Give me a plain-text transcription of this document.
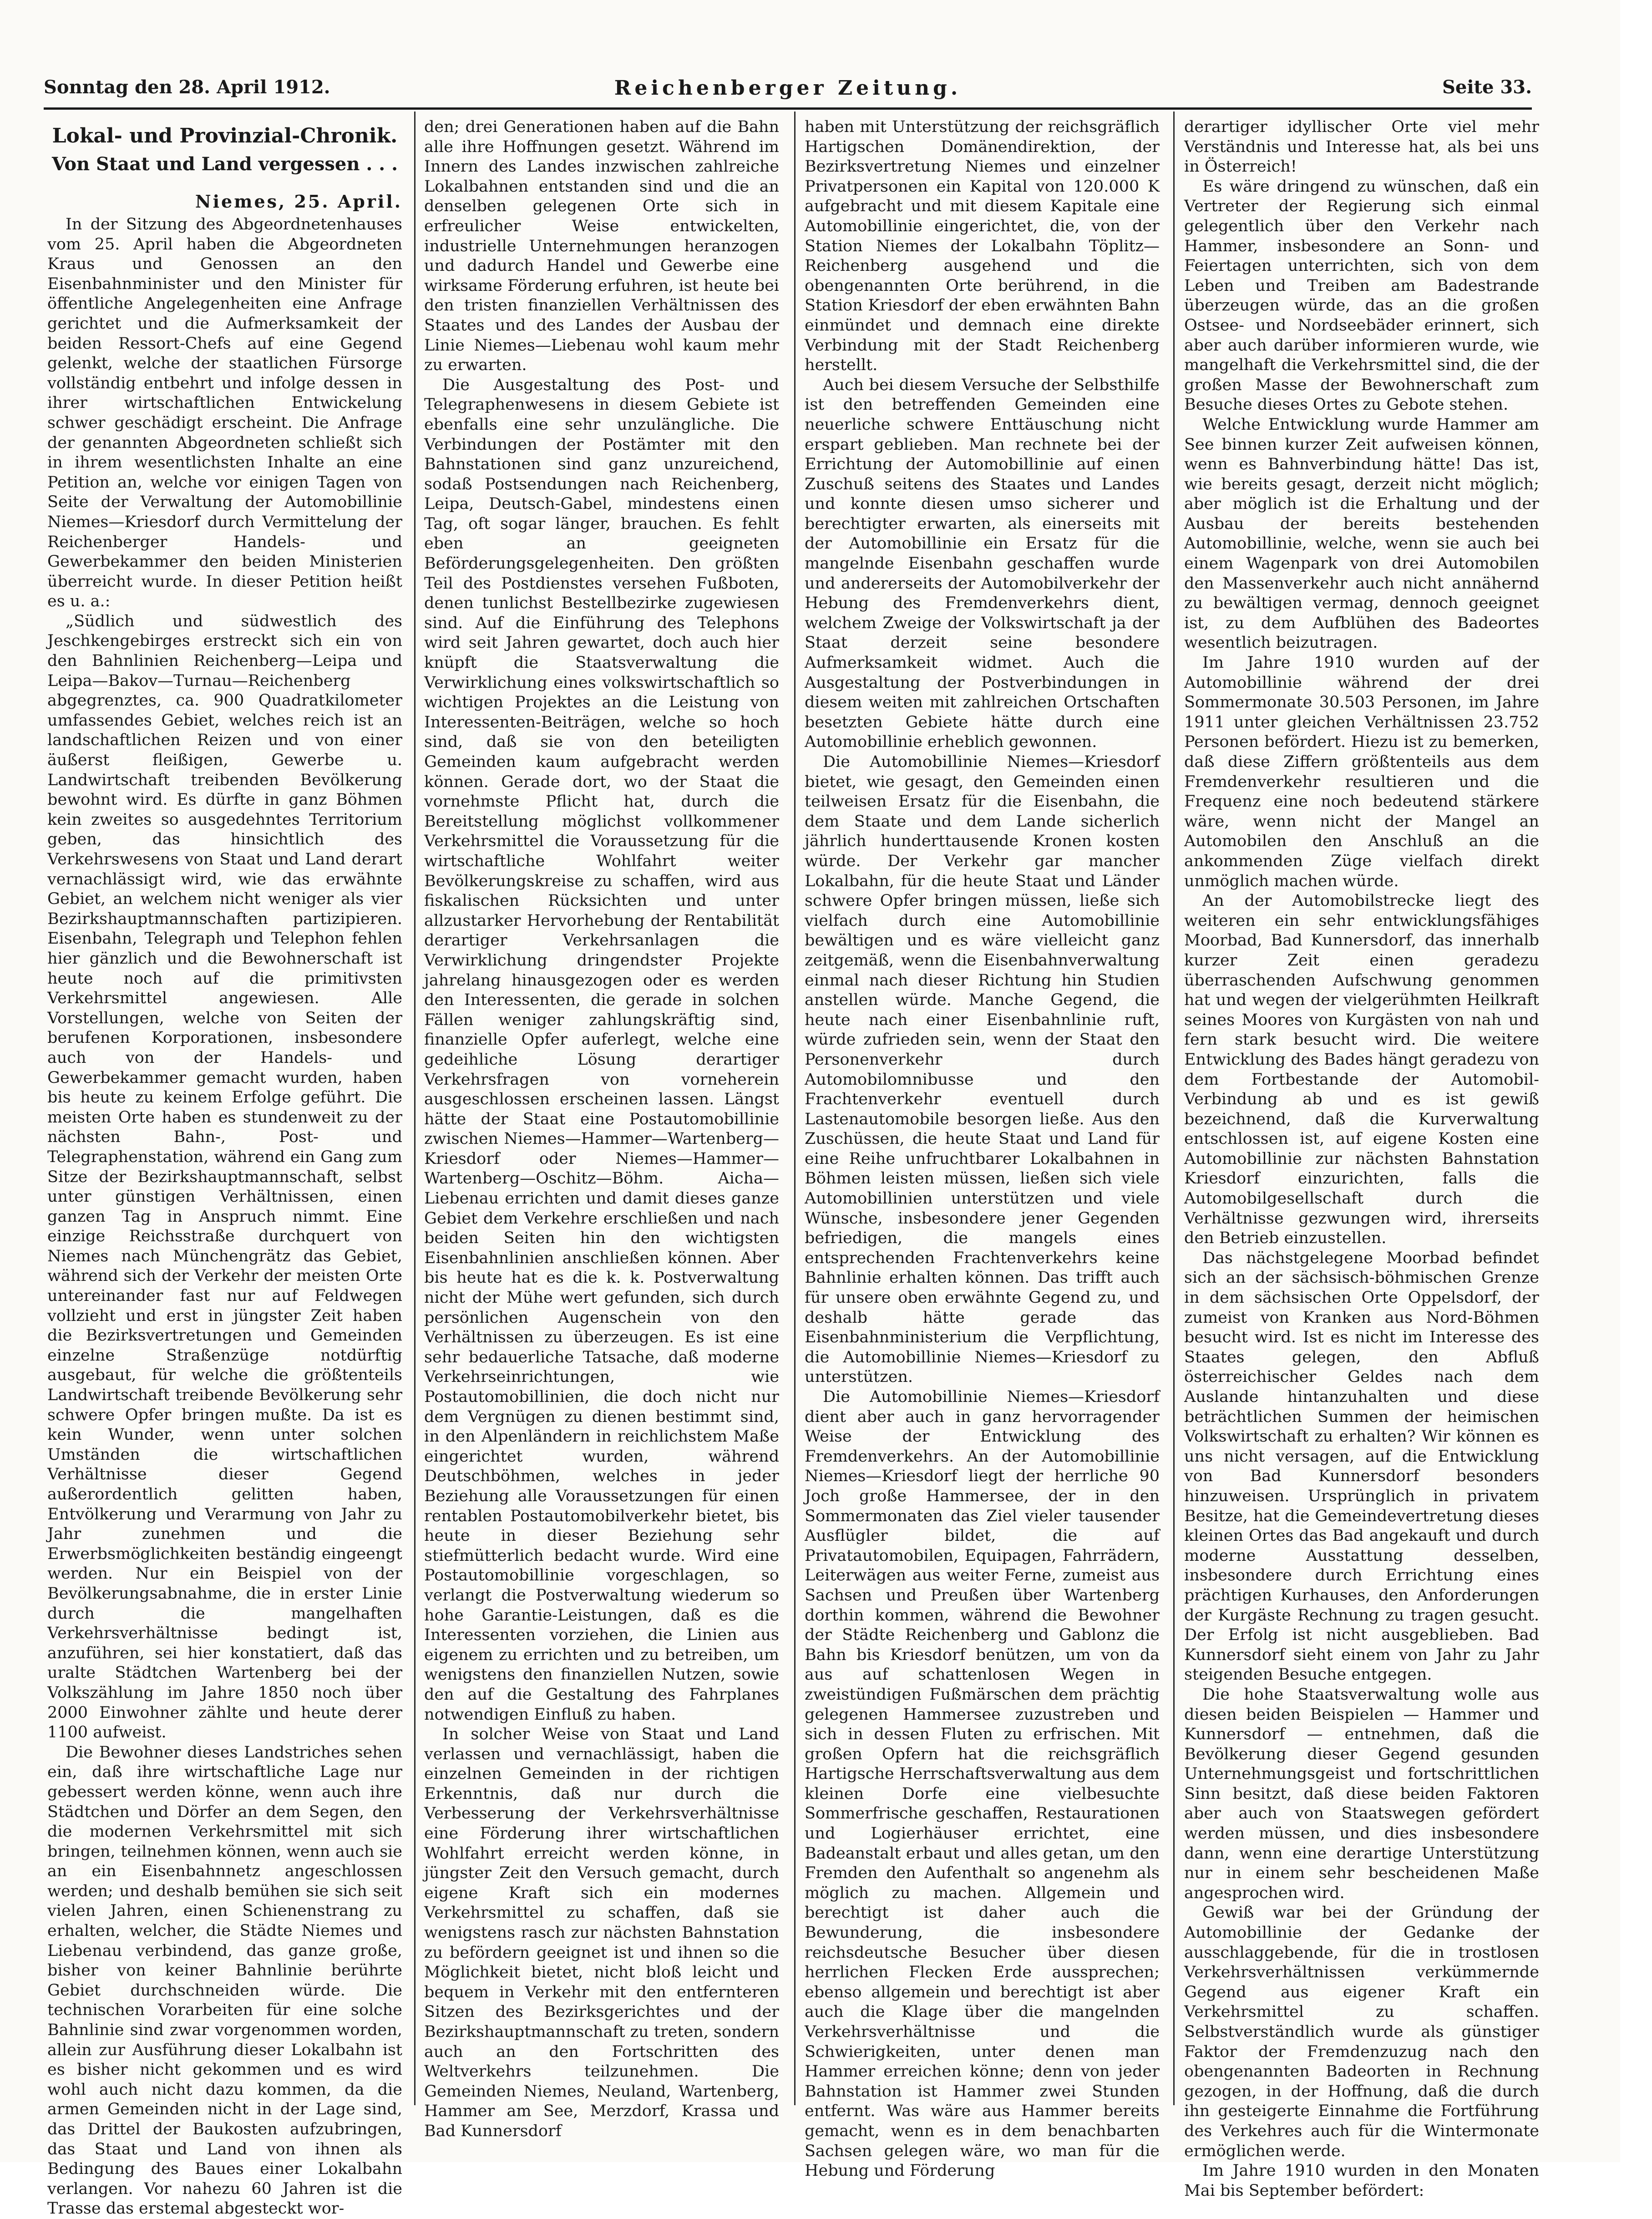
Sonntag den 28. April 1912.	Reichenberger Zeitung.	Seite 33.
Lokal- und Provinzial-Chronik.
Von Staat und Land vergessen . . .
Niemes, 25. April.

In der Sitzung des Abgeordnetenhauses vom 25. April haben die Abgeordneten Kraus und Genossen an den Eisenbahnminister und den Minister für öffentliche Angelegenheiten eine Anfrage gerichtet und die Aufmerksamkeit der beiden Ressort-Chefs auf eine Gegend gelenkt, welche der staatlichen Fürsorge vollständig entbehrt und infolge dessen in ihrer wirtschaftlichen Entwickelung schwer geschädigt erscheint. Die Anfrage der genannten Abgeordneten schließt sich in ihrem wesentlichsten Inhalte an eine Petition an, welche vor einigen Tagen von Seite der Verwaltung der Automobillinie Niemes—Kriesdorf durch Vermittelung der Reichenberger Handels- und Gewerbekammer den beiden Ministerien überreicht wurde. In dieser Petition heißt es u. a.:

„Südlich und südwestlich des Jeschkengebirges erstreckt sich ein von den Bahnlinien Reichenberg—Leipa und Leipa—Bakov—Turnau—Reichenberg abgegrenztes, ca. 900 Quadratkilometer umfassendes Gebiet, welches reich ist an landschaftlichen Reizen und von einer äußerst fleißigen, Gewerbe u. Landwirtschaft treibenden Bevölkerung bewohnt wird. Es dürfte in ganz Böhmen kein zweites so ausgedehntes Territorium geben, das hinsichtlich des Verkehrswesens von Staat und Land derart vernachlässigt wird, wie das erwähnte Gebiet, an welchem nicht weniger als vier Bezirkshauptmannschaften partizipieren. Eisenbahn, Telegraph und Telephon fehlen hier gänzlich und die Bewohnerschaft ist heute noch auf die primitivsten Verkehrsmittel angewiesen. Alle Vorstellungen, welche von Seiten der berufenen Korporationen, insbesondere auch von der Handels- und Gewerbekammer gemacht wurden, haben bis heute zu keinem Erfolge geführt. Die meisten Orte haben es stundenweit zu der nächsten Bahn-, Post- und Telegraphenstation, während ein Gang zum Sitze der Bezirkshauptmannschaft, selbst unter günstigen Verhältnissen, einen ganzen Tag in Anspruch nimmt. Eine einzige Reichsstraße durchquert von Niemes nach Münchengrätz das Gebiet, während sich der Verkehr der meisten Orte untereinander fast nur auf Feldwegen vollzieht und erst in jüngster Zeit haben die Bezirksvertretungen und Gemeinden einzelne Straßenzüge notdürftig ausgebaut, für welche die größtenteils Landwirtschaft treibende Bevölkerung sehr schwere Opfer bringen mußte. Da ist es kein Wunder, wenn unter solchen Umständen die wirtschaftlichen Verhältnisse dieser Gegend außerordentlich gelitten haben, Entvölkerung und Verarmung von Jahr zu Jahr zunehmen und die Erwerbsmöglichkeiten beständig eingeengt werden. Nur ein Beispiel von der Bevölkerungsabnahme, die in erster Linie durch die mangelhaften Verkehrsverhältnisse bedingt ist, anzuführen, sei hier konstatiert, daß das uralte Städtchen Wartenberg bei der Volkszählung im Jahre 1850 noch über 2000 Einwohner zählte und heute derer 1100 aufweist.

Die Bewohner dieses Landstriches sehen ein, daß ihre wirtschaftliche Lage nur gebessert werden könne, wenn auch ihre Städtchen und Dörfer an dem Segen, den die modernen Verkehrsmittel mit sich bringen, teilnehmen können, wenn auch sie an ein Eisenbahnnetz angeschlossen werden; und deshalb bemühen sie sich seit vielen Jahren, einen Schienenstrang zu erhalten, welcher, die Städte Niemes und Liebenau verbindend, das ganze große, bisher von keiner Bahnlinie berührte Gebiet durchschneiden würde. Die technischen Vorarbeiten für eine solche Bahnlinie sind zwar vorgenommen worden, allein zur Ausführung dieser Lokalbahn ist es bisher nicht gekommen und es wird wohl auch nicht dazu kommen, da die armen Gemeinden nicht in der Lage sind, das Drittel der Baukosten aufzubringen, das Staat und Land von ihnen als Bedingung des Baues einer Lokalbahn verlangen. Vor nahezu 60 Jahren ist die Trasse das erstemal abgesteckt wor-

den; drei Generationen haben auf die Bahn alle ihre Hoffnungen gesetzt. Während im Innern des Landes inzwischen zahlreiche Lokalbahnen entstanden sind und die an denselben gelegenen Orte sich in erfreulicher Weise entwickelten, industrielle Unternehmungen heranzogen und dadurch Handel und Gewerbe eine wirksame Förderung erfuhren, ist heute bei den tristen finanziellen Verhältnissen des Staates und des Landes der Ausbau der Linie Niemes—Liebenau wohl kaum mehr zu erwarten.

Die Ausgestaltung des Post- und Telegraphenwesens in diesem Gebiete ist ebenfalls eine sehr unzulängliche. Die Verbindungen der Postämter mit den Bahnstationen sind ganz unzureichend, sodaß Postsendungen nach Reichenberg, Leipa, Deutsch-Gabel, mindestens einen Tag, oft sogar länger, brauchen. Es fehlt eben an geeigneten Beförderungsgelegenheiten. Den größten Teil des Postdienstes versehen Fußboten, denen tunlichst Bestellbezirke zugewiesen sind. Auf die Einführung des Telephons wird seit Jahren gewartet, doch auch hier knüpft die Staatsverwaltung die Verwirklichung eines volkswirtschaftlich so wichtigen Projektes an die Leistung von Interessenten-Beiträgen, welche so hoch sind, daß sie von den beteiligten Gemeinden kaum aufgebracht werden können. Gerade dort, wo der Staat die vornehmste Pflicht hat, durch die Bereitstellung möglichst vollkommener Verkehrsmittel die Voraussetzung für die wirtschaftliche Wohlfahrt weiter Bevölkerungskreise zu schaffen, wird aus fiskalischen Rücksichten und unter allzustarker Hervorhebung der Rentabilität derartiger Verkehrsanlagen die Verwirklichung dringendster Projekte jahrelang hinausgezogen oder es werden den Interessenten, die gerade in solchen Fällen weniger zahlungskräftig sind, finanzielle Opfer auferlegt, welche eine gedeihliche Lösung derartiger Verkehrsfragen von vorneherein ausgeschlossen erscheinen lassen. Längst hätte der Staat eine Postautomobillinie zwischen Niemes—Hammer—Wartenberg—Kriesdorf oder Niemes—Hammer—Wartenberg—Oschitz—Böhm. Aicha—Liebenau errichten und damit dieses ganze Gebiet dem Verkehre erschließen und nach beiden Seiten hin den wichtigsten Eisenbahnlinien anschließen können. Aber bis heute hat es die k. k. Postverwaltung nicht der Mühe wert gefunden, sich durch persönlichen Augenschein von den Verhältnissen zu überzeugen. Es ist eine sehr bedauerliche Tatsache, daß moderne Verkehrseinrichtungen, wie Postautomobillinien, die doch nicht nur dem Vergnügen zu dienen bestimmt sind, in den Alpenländern in reichlichstem Maße eingerichtet wurden, während Deutschböhmen, welches in jeder Beziehung alle Voraussetzungen für einen rentablen Postautomobilverkehr bietet, bis heute in dieser Beziehung sehr stiefmütterlich bedacht wurde. Wird eine Postautomobillinie vorgeschlagen, so verlangt die Postverwaltung wiederum so hohe Garantie-Leistungen, daß es die Interessenten vorziehen, die Linien aus eigenem zu errichten und zu betreiben, um wenigstens den finanziellen Nutzen, sowie den auf die Gestaltung des Fahrplanes notwendigen Einfluß zu haben.

In solcher Weise von Staat und Land verlassen und vernachlässigt, haben die einzelnen Gemeinden in der richtigen Erkenntnis, daß nur durch die Verbesserung der Verkehrsverhältnisse eine Förderung ihrer wirtschaftlichen Wohlfahrt erreicht werden könne, in jüngster Zeit den Versuch gemacht, durch eigene Kraft sich ein modernes Verkehrsmittel zu schaffen, daß sie wenigstens rasch zur nächsten Bahnstation zu befördern geeignet ist und ihnen so die Möglichkeit bietet, nicht bloß leicht und bequem in Verkehr mit den entfernteren Sitzen des Bezirksgerichtes und der Bezirkshauptmannschaft zu treten, sondern auch an den Fortschritten des Weltverkehrs teilzunehmen. Die Gemeinden Niemes, Neuland, Wartenberg, Hammer am See, Merzdorf, Krassa und Bad Kunnersdorf

haben mit Unterstützung der reichsgräflich Hartigschen Domänendirektion, der Bezirksvertretung Niemes und einzelner Privatpersonen ein Kapital von 120.000 K aufgebracht und mit diesem Kapitale eine Automobillinie eingerichtet, die, von der Station Niemes der Lokalbahn Töplitz—Reichenberg ausgehend und die obengenannten Orte berührend, in die Station Kriesdorf der eben erwähnten Bahn einmündet und demnach eine direkte Verbindung mit der Stadt Reichenberg herstellt.

Auch bei diesem Versuche der Selbsthilfe ist den betreffenden Gemeinden eine neuerliche schwere Enttäuschung nicht erspart geblieben. Man rechnete bei der Errichtung der Automobillinie auf einen Zuschuß seitens des Staates und Landes und konnte diesen umso sicherer und berechtigter erwarten, als einerseits mit der Automobillinie ein Ersatz für die mangelnde Eisenbahn geschaffen wurde und andererseits der Automobilverkehr der Hebung des Fremdenverkehrs dient, welchem Zweige der Volkswirtschaft ja der Staat derzeit seine besondere Aufmerksamkeit widmet. Auch die Ausgestaltung der Postverbindungen in diesem weiten mit zahlreichen Ortschaften besetzten Gebiete hätte durch eine Automobillinie erheblich gewonnen.

Die Automobillinie Niemes—Kriesdorf bietet, wie gesagt, den Gemeinden einen teilweisen Ersatz für die Eisenbahn, die dem Staate und dem Lande sicherlich jährlich hunderttausende Kronen kosten würde. Der Verkehr gar mancher Lokalbahn, für die heute Staat und Länder schwere Opfer bringen müssen, ließe sich vielfach durch eine Automobillinie bewältigen und es wäre vielleicht ganz zeitgemäß, wenn die Eisenbahnverwaltung einmal nach dieser Richtung hin Studien anstellen würde. Manche Gegend, die heute nach einer Eisenbahnlinie ruft, würde zufrieden sein, wenn der Staat den Personenverkehr durch Automobilomnibusse und den Frachtenverkehr eventuell durch Lastenautomobile besorgen ließe. Aus den Zuschüssen, die heute Staat und Land für eine Reihe unfruchtbarer Lokalbahnen in Böhmen leisten müssen, ließen sich viele Automobillinien unterstützen und viele Wünsche, insbesondere jener Gegenden befriedigen, die mangels eines entsprechenden Frachtenverkehrs keine Bahnlinie erhalten können. Das trifft auch für unsere oben erwähnte Gegend zu, und deshalb hätte gerade das Eisenbahnministerium die Verpflichtung, die Automobillinie Niemes—Kriesdorf zu unterstützen.

Die Automobillinie Niemes—Kriesdorf dient aber auch in ganz hervorragender Weise der Entwicklung des Fremdenverkehrs. An der Automobillinie Niemes—Kriesdorf liegt der herrliche 90 Joch große Hammersee, der in den Sommermonaten das Ziel vieler tausender Ausflügler bildet, die auf Privatautomobilen, Equipagen, Fahrrädern, Leiterwägen aus weiter Ferne, zumeist aus Sachsen und Preußen über Wartenberg dorthin kommen, während die Bewohner der Städte Reichenberg und Gablonz die Bahn bis Kriesdorf benützen, um von da aus auf schattenlosen Wegen in zweistündigen Fußmärschen dem prächtig gelegenen Hammersee zuzustreben und sich in dessen Fluten zu erfrischen. Mit großen Opfern hat die reichsgräflich Hartigsche Herrschaftsverwaltung aus dem kleinen Dorfe eine vielbesuchte Sommerfrische geschaffen, Restaurationen und Logierhäuser errichtet, eine Badeanstalt erbaut und alles getan, um den Fremden den Aufenthalt so angenehm als möglich zu machen. Allgemein und berechtigt ist daher auch die Bewunderung, die insbesondere reichsdeutsche Besucher über diesen herrlichen Flecken Erde aussprechen; ebenso allgemein und berechtigt ist aber auch die Klage über die mangelnden Verkehrsverhältnisse und die Schwierigkeiten, unter denen man Hammer erreichen könne; denn von jeder Bahnstation ist Hammer zwei Stunden entfernt. Was wäre aus Hammer bereits gemacht, wenn es in dem benachbarten Sachsen gelegen wäre, wo man für die Hebung und Förderung

derartiger idyllischer Orte viel mehr Verständnis und Interesse hat, als bei uns in Österreich!

Es wäre dringend zu wünschen, daß ein Vertreter der Regierung sich einmal gelegentlich über den Verkehr nach Hammer, insbesondere an Sonn- und Feiertagen unterrichten, sich von dem Leben und Treiben am Badestrande überzeugen würde, das an die großen Ostsee- und Nordseebäder erinnert, sich aber auch darüber informieren wurde, wie mangelhaft die Verkehrsmittel sind, die der großen Masse der Bewohnerschaft zum Besuche dieses Ortes zu Gebote stehen.

Welche Entwicklung wurde Hammer am See binnen kurzer Zeit aufweisen können, wenn es Bahnverbindung hätte! Das ist, wie bereits gesagt, derzeit nicht möglich; aber möglich ist die Erhaltung und der Ausbau der bereits bestehenden Automobillinie, welche, wenn sie auch bei einem Wagenpark von drei Automobilen den Massenverkehr auch nicht annähernd zu bewältigen vermag, dennoch geeignet ist, zu dem Aufblühen des Badeortes wesentlich beizutragen.

Im Jahre 1910 wurden auf der Automobillinie während der drei Sommermonate 30.503 Personen, im Jahre 1911 unter gleichen Verhältnissen 23.752 Personen befördert. Hiezu ist zu bemerken, daß diese Ziffern größtenteils aus dem Fremdenverkehr resultieren und die Frequenz eine noch bedeutend stärkere wäre, wenn nicht der Mangel an Automobilen den Anschluß an die ankommenden Züge vielfach direkt unmöglich machen würde.

An der Automobilstrecke liegt des weiteren ein sehr entwicklungsfähiges Moorbad, Bad Kunnersdorf, das innerhalb kurzer Zeit einen geradezu überraschenden Aufschwung genommen hat und wegen der vielgerühmten Heilkraft seines Moores von Kurgästen von nah und fern stark besucht wird. Die weitere Entwicklung des Bades hängt geradezu von dem Fortbestande der Automobil-Verbindung ab und es ist gewiß bezeichnend, daß die Kurverwaltung entschlossen ist, auf eigene Kosten eine Automobillinie zur nächsten Bahnstation Kriesdorf einzurichten, falls die Automobilgesellschaft durch die Verhältnisse gezwungen wird, ihrerseits den Betrieb einzustellen.

Das nächstgelegene Moorbad befindet sich an der sächsisch-böhmischen Grenze in dem sächsischen Orte Oppelsdorf, der zumeist von Kranken aus Nord-Böhmen besucht wird. Ist es nicht im Interesse des Staates gelegen, den Abfluß österreichischer Geldes nach dem Auslande hintanzuhalten und diese beträchtlichen Summen der heimischen Volkswirtschaft zu erhalten? Wir können es uns nicht versagen, auf die Entwicklung von Bad Kunnersdorf besonders hinzuweisen. Ursprünglich in privatem Besitze, hat die Gemeindevertretung dieses kleinen Ortes das Bad angekauft und durch moderne Ausstattung desselben, insbesondere durch Errichtung eines prächtigen Kurhauses, den Anforderungen der Kurgäste Rechnung zu tragen gesucht. Der Erfolg ist nicht ausgeblieben. Bad Kunnersdorf sieht einem von Jahr zu Jahr steigenden Besuche entgegen.

Die hohe Staatsverwaltung wolle aus diesen beiden Beispielen — Hammer und Kunnersdorf — entnehmen, daß die Bevölkerung dieser Gegend gesunden Unternehmungsgeist und fortschrittlichen Sinn besitzt, daß diese beiden Faktoren aber auch von Staatswegen gefördert werden müssen, und dies insbesondere dann, wenn eine derartige Unterstützung nur in einem sehr bescheidenen Maße angesprochen wird.

Gewiß war bei der Gründung der Automobillinie der Gedanke der ausschlaggebende, für die in trostlosen Verkehrsverhältnissen verkümmernde Gegend aus eigener Kraft ein Verkehrsmittel zu schaffen. Selbstverständlich wurde als günstiger Faktor der Fremdenzuzug nach den obengenannten Badeorten in Rechnung gezogen, in der Hoffnung, daß die durch ihn gesteigerte Einnahme die Fortführung des Verkehres auch für die Wintermonate ermöglichen werde.

Im Jahre 1910 wurden in den Monaten Mai bis September befördert:
